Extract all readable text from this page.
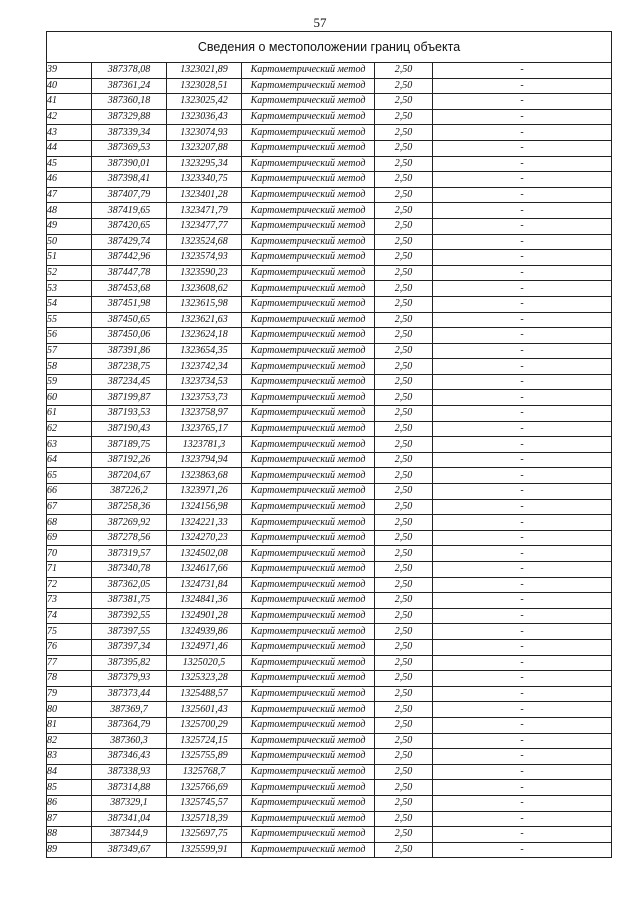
57
Сведения о местоположении границ объекта					
39	387378,08	1323021,89	Картометрический метод	2,50	-
40	387361,24	1323028,51	Картометрический метод	2,50	-
41	387360,18	1323025,42	Картометрический метод	2,50	-
42	387329,88	1323036,43	Картометрический метод	2,50	-
43	387339,34	1323074,93	Картометрический метод	2,50	-
44	387369,53	1323207,88	Картометрический метод	2,50	-
45	387390,01	1323295,34	Картометрический метод	2,50	-
46	387398,41	1323340,75	Картометрический метод	2,50	-
47	387407,79	1323401,28	Картометрический метод	2,50	-
48	387419,65	1323471,79	Картометрический метод	2,50	-
49	387420,65	1323477,77	Картометрический метод	2,50	-
50	387429,74	1323524,68	Картометрический метод	2,50	-
51	387442,96	1323574,93	Картометрический метод	2,50	-
52	387447,78	1323590,23	Картометрический метод	2,50	-
53	387453,68	1323608,62	Картометрический метод	2,50	-
54	387451,98	1323615,98	Картометрический метод	2,50	-
55	387450,65	1323621,63	Картометрический метод	2,50	-
56	387450,06	1323624,18	Картометрический метод	2,50	-
57	387391,86	1323654,35	Картометрический метод	2,50	-
58	387238,75	1323742,34	Картометрический метод	2,50	-
59	387234,45	1323734,53	Картометрический метод	2,50	-
60	387199,87	1323753,73	Картометрический метод	2,50	-
61	387193,53	1323758,97	Картометрический метод	2,50	-
62	387190,43	1323765,17	Картометрический метод	2,50	-
63	387189,75	1323781,3	Картометрический метод	2,50	-
64	387192,26	1323794,94	Картометрический метод	2,50	-
65	387204,67	1323863,68	Картометрический метод	2,50	-
66	387226,2	1323971,26	Картометрический метод	2,50	-
67	387258,36	1324156,98	Картометрический метод	2,50	-
68	387269,92	1324221,33	Картометрический метод	2,50	-
69	387278,56	1324270,23	Картометрический метод	2,50	-
70	387319,57	1324502,08	Картометрический метод	2,50	-
71	387340,78	1324617,66	Картометрический метод	2,50	-
72	387362,05	1324731,84	Картометрический метод	2,50	-
73	387381,75	1324841,36	Картометрический метод	2,50	-
74	387392,55	1324901,28	Картометрический метод	2,50	-
75	387397,55	1324939,86	Картометрический метод	2,50	-
76	387397,34	1324971,46	Картометрический метод	2,50	-
77	387395,82	1325020,5	Картометрический метод	2,50	-
78	387379,93	1325323,28	Картометрический метод	2,50	-
79	387373,44	1325488,57	Картометрический метод	2,50	-
80	387369,7	1325601,43	Картометрический метод	2,50	-
81	387364,79	1325700,29	Картометрический метод	2,50	-
82	387360,3	1325724,15	Картометрический метод	2,50	-
83	387346,43	1325755,89	Картометрический метод	2,50	-
84	387338,93	1325768,7	Картометрический метод	2,50	-
85	387314,88	1325766,69	Картометрический метод	2,50	-
86	387329,1	1325745,57	Картометрический метод	2,50	-
87	387341,04	1325718,39	Картометрический метод	2,50	-
88	387344,9	1325697,75	Картометрический метод	2,50	-
89	387349,67	1325599,91	Картометрический метод	2,50	-
